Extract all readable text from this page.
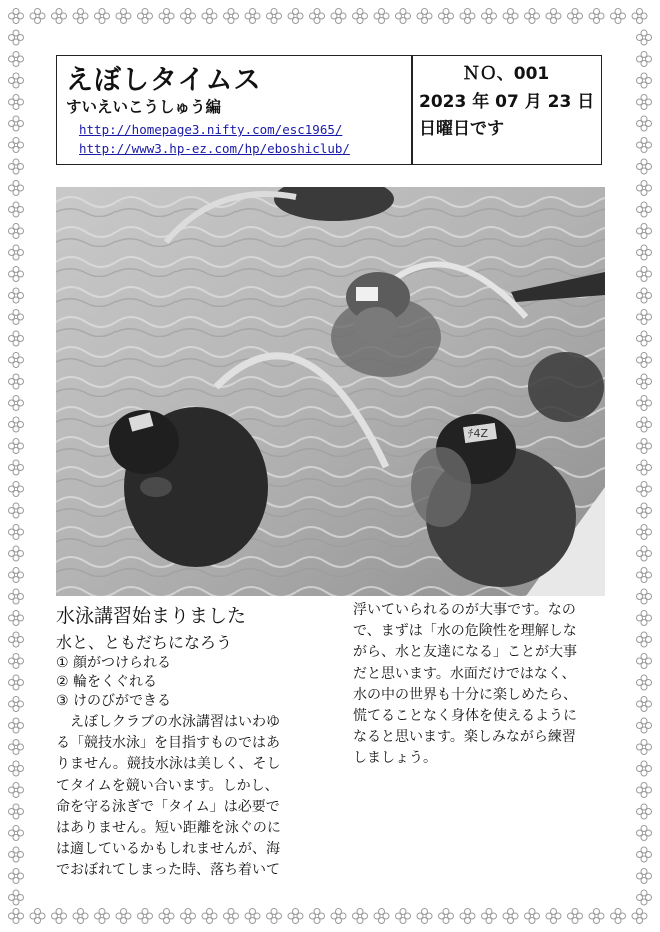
えぼしタイムス
すいえいこうしゅう編
http://homepage3.nifty.com/esc1965/
http://www3.hp-ez.com/hp/eboshiclub/
ＮＯ、001
2023 年 07 月 23 日
日曜日です
ﾁ4Z
水泳講習始まりました
水と、ともだちになろう
① 顔がつけられる
② 輪をくぐれる
③ けのびができる

　えぼしクラブの水泳講習はいわゆ
る「競技水泳」を目指すものではあ
りません。競技水泳は美しく、そし
てタイムを競い合います。しかし、
命を守る泳ぎで「タイム」は必要で
はありません。短い距離を泳ぐのに
は適しているかもしれませんが、海
でおぼれてしまった時、落ち着いて

浮いていられるのが大事です。なの
で、まずは「水の危険性を理解しな
がら、水と友達になる」ことが大事
だと思います。水面だけではなく、
水の中の世界も十分に楽しめたら、
慌てることなく身体を使えるように
なると思います。楽しみながら練習
しましょう。
